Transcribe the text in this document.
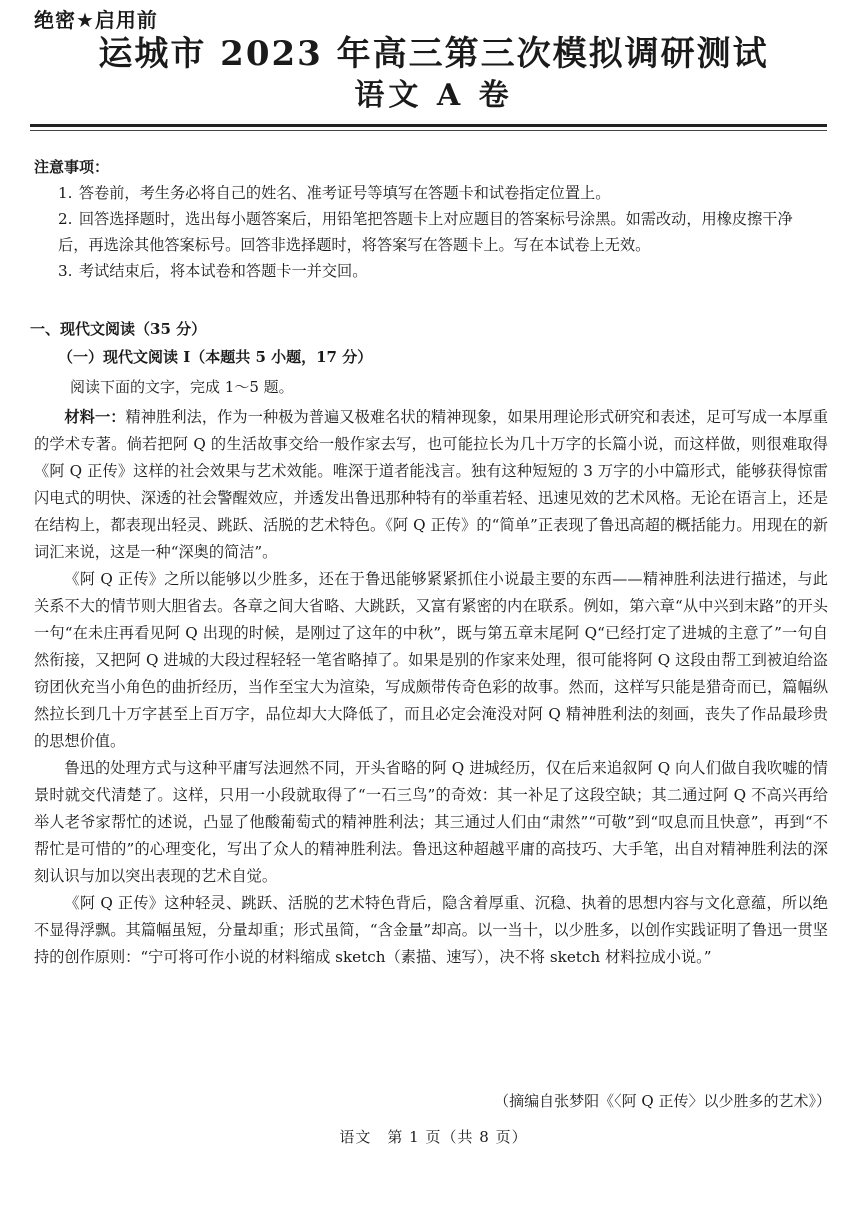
绝密★启用前
运城市 2023 年高三第三次模拟调研测试
语文 A 卷
注意事项：
1. 答卷前，考生务必将自己的姓名、准考证号等填写在答题卡和试卷指定位置上。
2. 回答选择题时，选出每小题答案后，用铅笔把答题卡上对应题目的答案标号涂黑。如需改动，用橡皮擦干净后，再选涂其他答案标号。回答非选择题时，将答案写在答题卡上。写在本试卷上无效。
3. 考试结束后，将本试卷和答题卡一并交回。
一、现代文阅读（35 分）
（一）现代文阅读 Ⅰ（本题共 5 小题，17 分）
阅读下面的文字，完成 1～5 题。

材料一：精神胜利法，作为一种极为普遍又极难名状的精神现象，如果用理论形式研究和表述，足可写成一本厚重的学术专著。倘若把阿 Q 的生活故事交给一般作家去写，也可能拉长为几十万字的长篇小说，而这样做，则很难取得《阿 Q 正传》这样的社会效果与艺术效能。唯深于道者能浅言。独有这种短短的 3 万字的小中篇形式，能够获得惊雷闪电式的明快、深透的社会警醒效应，并透发出鲁迅那种特有的举重若轻、迅速见效的艺术风格。无论在语言上，还是在结构上，都表现出轻灵、跳跃、活脱的艺术特色。《阿 Q 正传》的“简单”正表现了鲁迅高超的概括能力。用现在的新词汇来说，这是一种“深奥的简洁”。

《阿 Q 正传》之所以能够以少胜多，还在于鲁迅能够紧紧抓住小说最主要的东西——精神胜利法进行描述，与此关系不大的情节则大胆省去。各章之间大省略、大跳跃，又富有紧密的内在联系。例如，第六章“从中兴到末路”的开头一句“在未庄再看见阿 Q 出现的时候，是刚过了这年的中秋”，既与第五章末尾阿 Q“已经打定了进城的主意了”一句自然衔接，又把阿 Q 进城的大段过程轻轻一笔省略掉了。如果是别的作家来处理，很可能将阿 Q 这段由帮工到被迫给盗窃团伙充当小角色的曲折经历，当作至宝大为渲染，写成颇带传奇色彩的故事。然而，这样写只能是猎奇而已，篇幅纵然拉长到几十万字甚至上百万字，品位却大大降低了，而且必定会淹没对阿 Q 精神胜利法的刻画，丧失了作品最珍贵的思想价值。

鲁迅的处理方式与这种平庸写法迥然不同，开头省略的阿 Q 进城经历，仅在后来追叙阿 Q 向人们做自我吹嘘的情景时就交代清楚了。这样，只用一小段就取得了“一石三鸟”的奇效：其一补足了这段空缺；其二通过阿 Q 不高兴再给举人老爷家帮忙的述说，凸显了他酸葡萄式的精神胜利法；其三通过人们由“肃然”“可敬”到“叹息而且快意”，再到“不帮忙是可惜的”的心理变化，写出了众人的精神胜利法。鲁迅这种超越平庸的高技巧、大手笔，出自对精神胜利法的深刻认识与加以突出表现的艺术自觉。

《阿 Q 正传》这种轻灵、跳跃、活脱的艺术特色背后，隐含着厚重、沉稳、执着的思想内容与文化意蕴，所以绝不显得浮飘。其篇幅虽短，分量却重；形式虽简，“含金量”却高。以一当十，以少胜多，以创作实践证明了鲁迅一贯坚持的创作原则：“宁可将可作小说的材料缩成 sketch（素描、速写），决不将 sketch 材料拉成小说。”

（摘编自张梦阳《〈阿 Q 正传〉以少胜多的艺术》）
语文　第 1 页（共 8 页）
